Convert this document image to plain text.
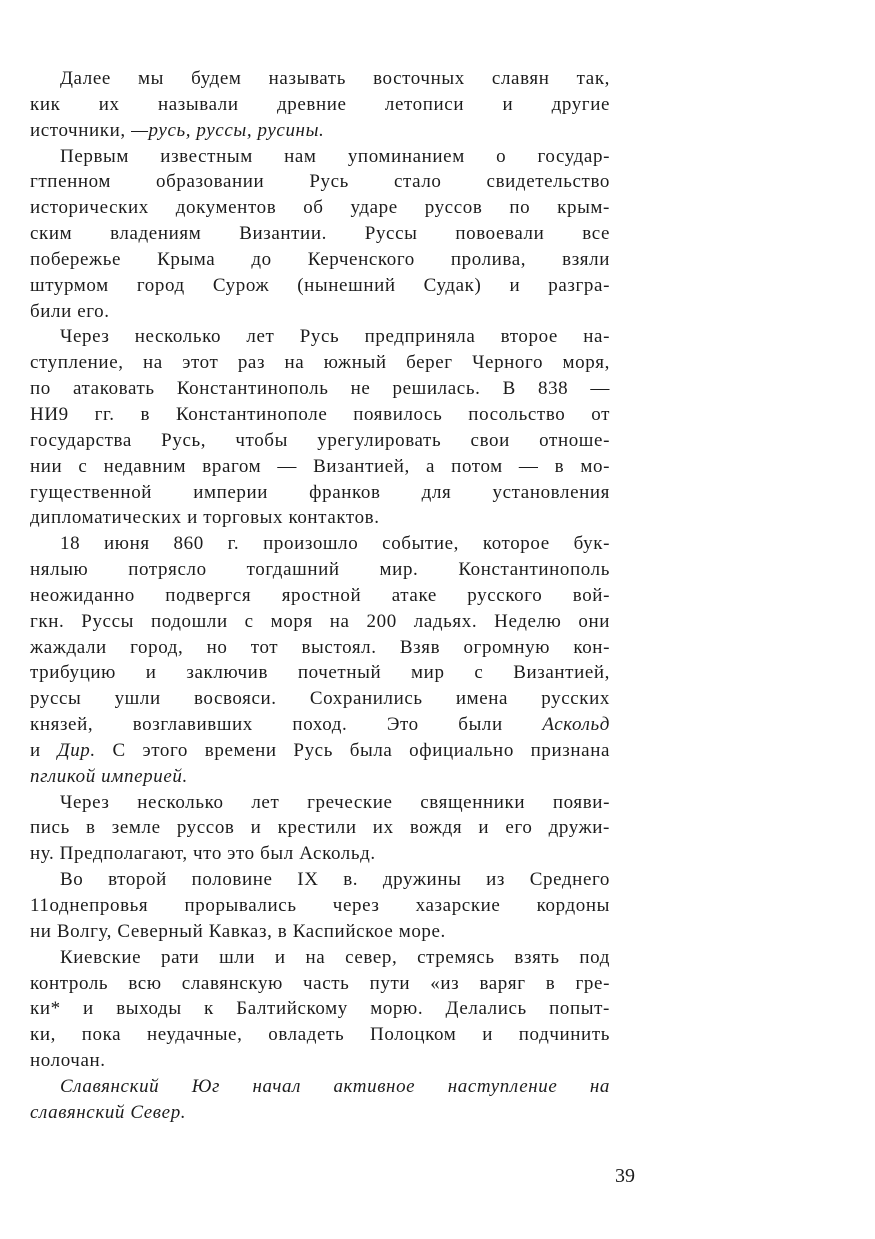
Далее мы будем называть восточных славян так,
кик их называли древние летописи и другие
источники, —русь, руссы, русины.
Первым известным нам упоминанием о государ-
гтпенном образовании Русь стало свидетельство
исторических документов об ударе руссов по крым-
ским владениям Византии. Руссы повоевали все
побережье Крыма до Керченского пролива, взяли
штурмом город Сурож (нынешний Судак) и разгра-
били его.
Через несколько лет Русь предприняла второе на-
ступление, на этот раз на южный берег Черного моря,
по атаковать Константинополь не решилась. В 838 —
НИ9 гг. в Константинополе появилось посольство от
государства Русь, чтобы урегулировать свои отноше-
нии с недавним врагом — Византией, а потом — в мо-
гущественной империи франков для установления
дипломатических и торговых контактов.
18 июня 860 г. произошло событие, которое бук-
нялыю потрясло тогдашний мир. Константинополь
неожиданно подвергся яростной атаке русского вой-
гкн. Руссы подошли с моря на 200 ладьях. Неделю они
жаждали город, но тот выстоял. Взяв огромную кон-
трибуцию и заключив почетный мир с Византией,
руссы ушли восвояси. Сохранились имена русских
князей, возглавивших поход. Это были Аскольд
и Дир. С этого времени Русь была официально признана
пгликой империей.
Через несколько лет греческие священники появи-
пись в земле руссов и крестили их вождя и его дружи-
ну. Предполагают, что это был Аскольд.
Во второй половине IX в. дружины из Среднего
11однепровья прорывались через хазарские кордоны
ни Волгу, Северный Кавказ, в Каспийское море.
Киевские рати шли и на север, стремясь взять под
контроль всю славянскую часть пути «из варяг в гре-
ки* и выходы к Балтийскому морю. Делались попыт-
ки, пока неудачные, овладеть Полоцком и подчинить
нолочан.
Славянский Юг начал активное наступление на
славянский Север.
39
